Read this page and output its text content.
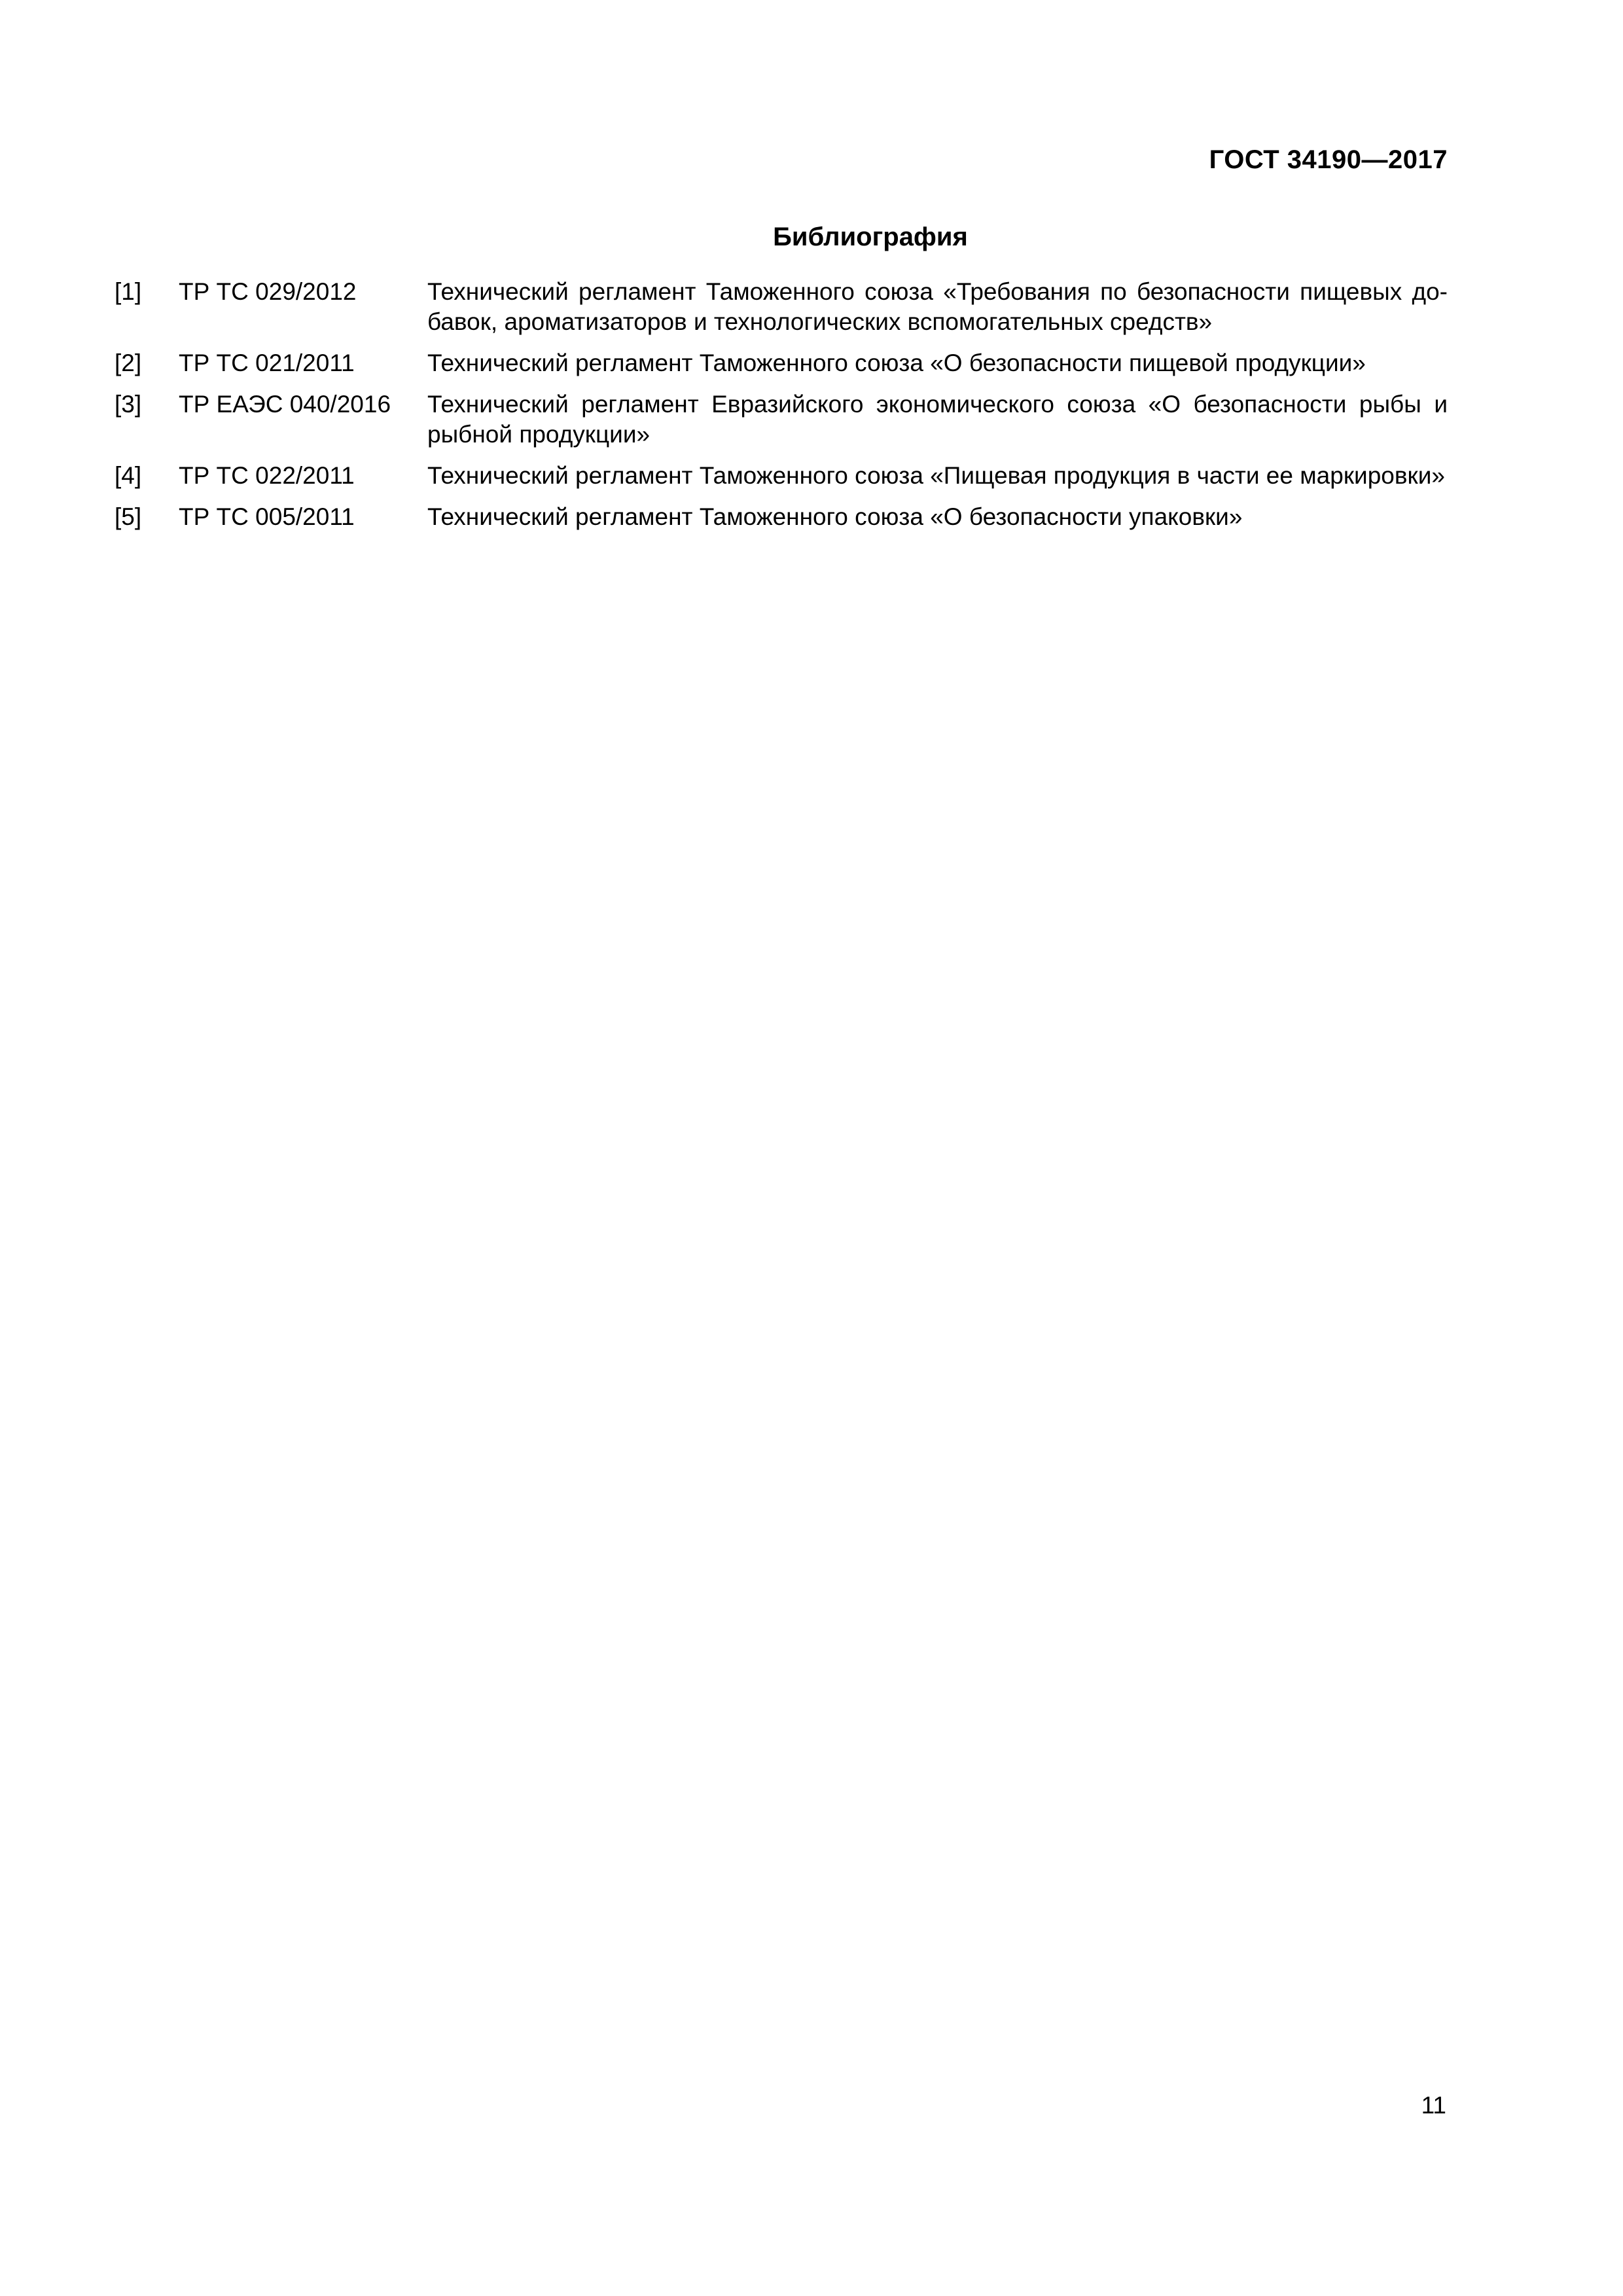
ГОСТ 34190—2017
Библиография
[1]	ТР ТС 029/2012	Технический регламент Таможенного союза «Требования по безопасности пищевых до-бавок, ароматизаторов и технологических вспомогательных средств»
[2]	ТР ТС 021/2011	Технический регламент Таможенного союза «О безопасности пищевой продукции»
[3]	ТР ЕАЭС 040/2016	Технический регламент Евразийского экономического союза «О безопасности рыбы и рыбной продукции»
[4]	ТР ТС 022/2011	Технический регламент Таможенного союза «Пищевая продукция в части ее маркировки»
[5]	ТР ТС 005/2011	Технический регламент Таможенного союза «О безопасности упаковки»
11
